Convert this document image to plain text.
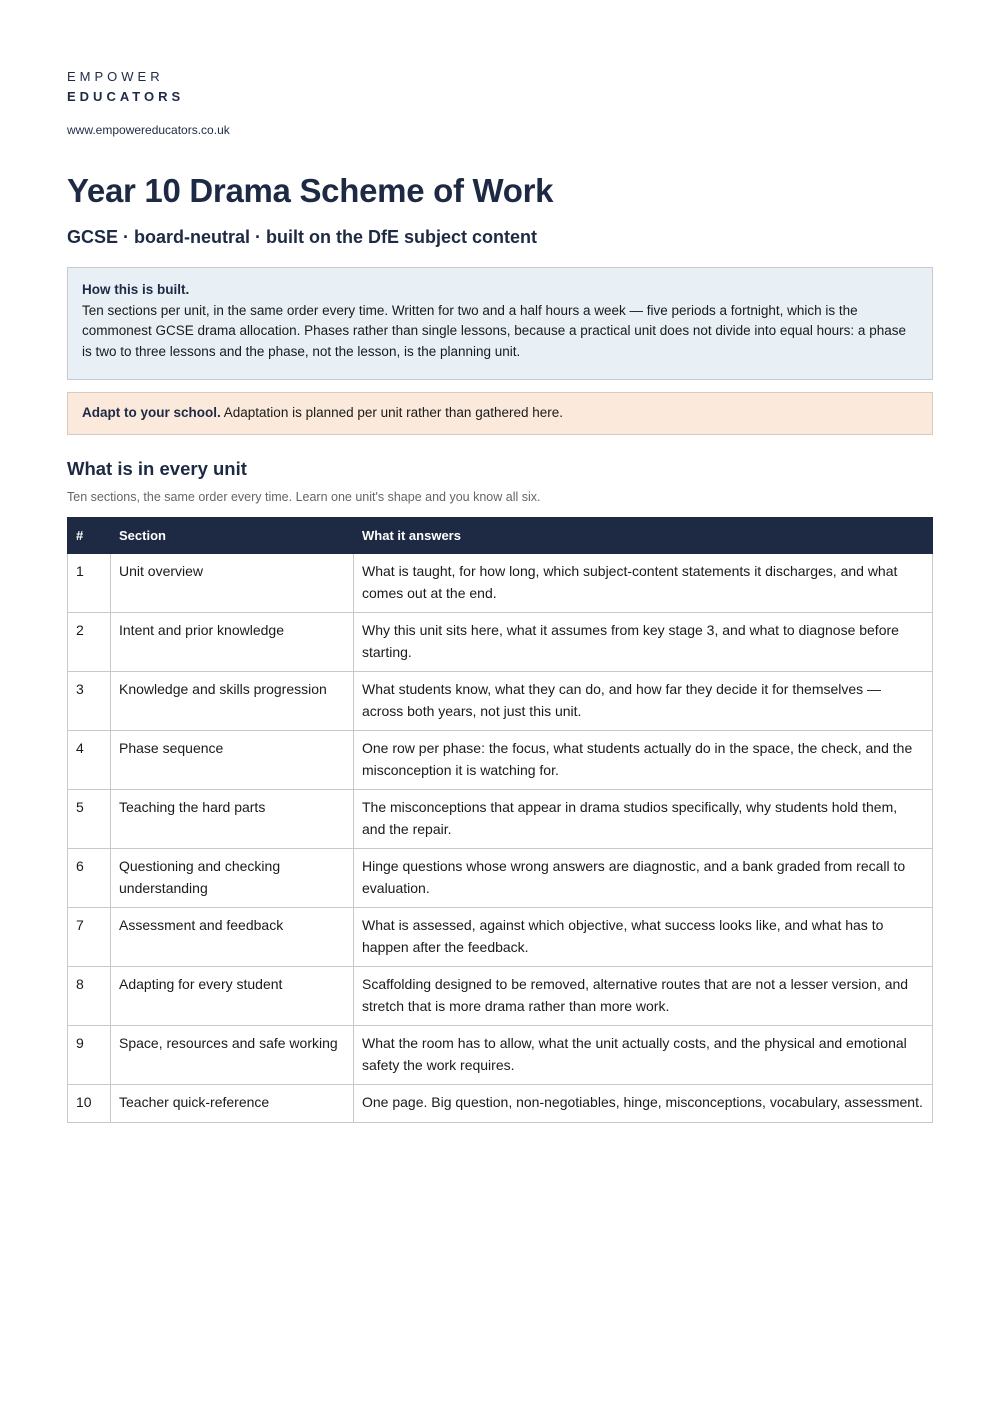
EMPOWER
EDUCATORS
www.empowereducators.co.uk
Year 10 Drama Scheme of Work
GCSE · board-neutral · built on the DfE subject content
How this is built.
Ten sections per unit, in the same order every time. Written for two and a half hours a week — five periods a fortnight, which is the commonest GCSE drama allocation. Phases rather than single lessons, because a practical unit does not divide into equal hours: a phase is two to three lessons and the phase, not the lesson, is the planning unit.
Adapt to your school. Adaptation is planned per unit rather than gathered here.
What is in every unit
Ten sections, the same order every time. Learn one unit's shape and you know all six.
#	Section	What it answers
1	Unit overview	What is taught, for how long, which subject-content statements it discharges, and what comes out at the end.
2	Intent and prior knowledge	Why this unit sits here, what it assumes from key stage 3, and what to diagnose before starting.
3	Knowledge and skills progression	What students know, what they can do, and how far they decide it for themselves — across both years, not just this unit.
4	Phase sequence	One row per phase: the focus, what students actually do in the space, the check, and the misconception it is watching for.
5	Teaching the hard parts	The misconceptions that appear in drama studios specifically, why students hold them, and the repair.
6	Questioning and checking understanding	Hinge questions whose wrong answers are diagnostic, and a bank graded from recall to evaluation.
7	Assessment and feedback	What is assessed, against which objective, what success looks like, and what has to happen after the feedback.
8	Adapting for every student	Scaffolding designed to be removed, alternative routes that are not a lesser version, and stretch that is more drama rather than more work.
9	Space, resources and safe working	What the room has to allow, what the unit actually costs, and the physical and emotional safety the work requires.
10	Teacher quick-reference	One page. Big question, non-negotiables, hinge, misconceptions, vocabulary, assessment.
